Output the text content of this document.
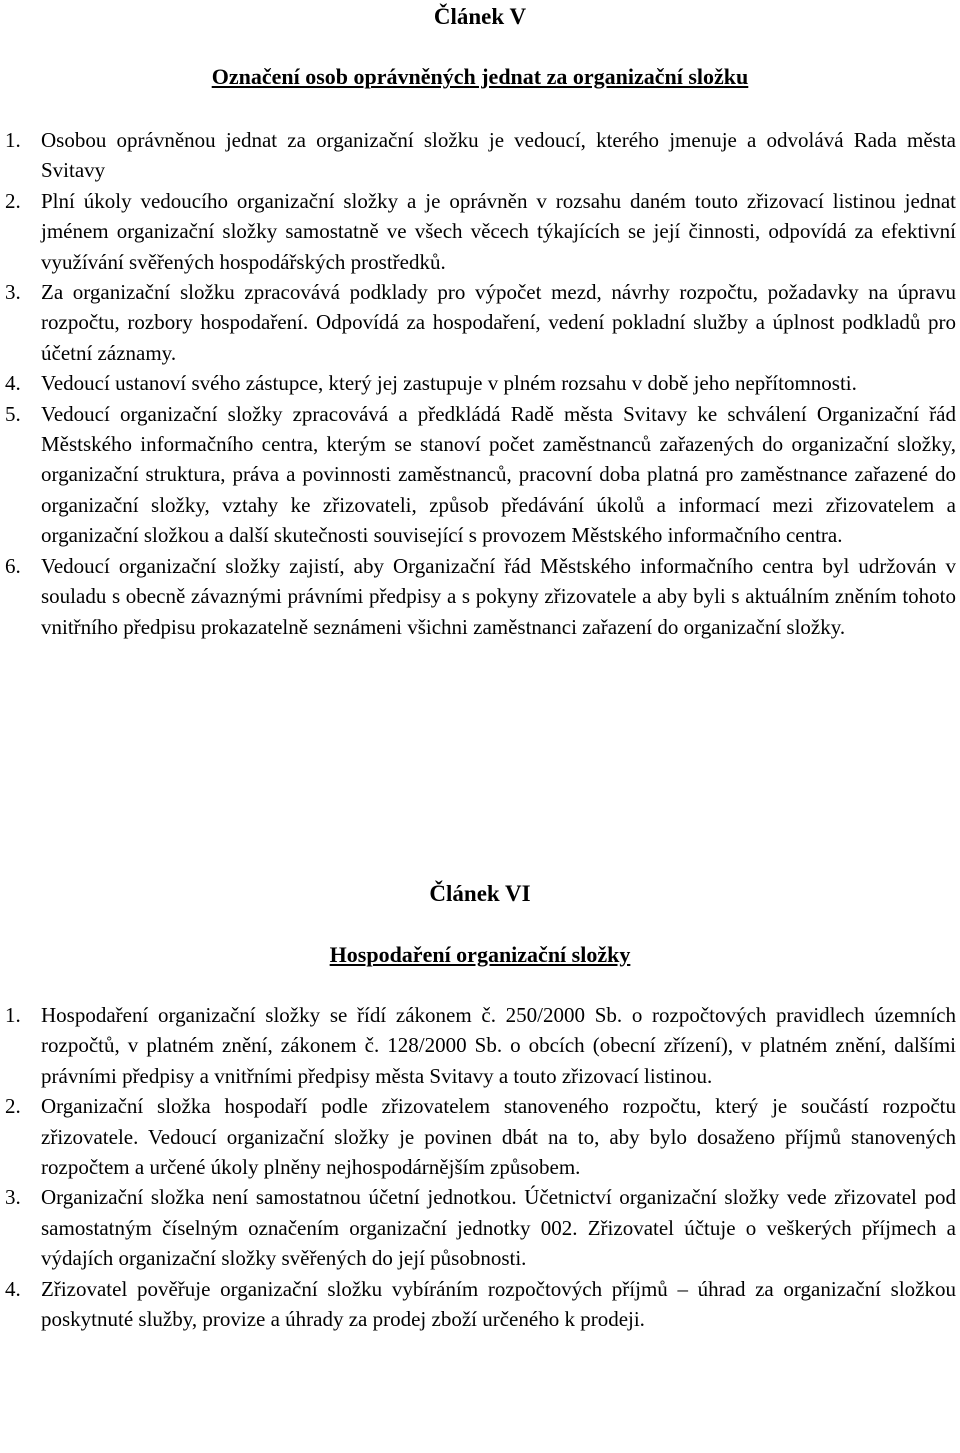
Článek V
Označení osob oprávněných jednat za organizační složku
1. Osobou oprávněnou jednat za organizační složku je vedoucí, kterého jmenuje a odvolává Rada města Svitavy
2. Plní úkoly vedoucího organizační složky a je oprávněn v rozsahu daném touto zřizovací listinou jednat jménem organizační složky samostatně ve všech věcech týkajících se její činnosti, odpovídá za efektivní využívání svěřených hospodářských prostředků.
3. Za organizační složku zpracovává podklady pro výpočet mezd, návrhy rozpočtu, požadavky na úpravu rozpočtu, rozbory hospodaření. Odpovídá za hospodaření, vedení pokladní služby a úplnost podkladů pro účetní záznamy.
4. Vedoucí ustanoví svého zástupce, který jej zastupuje v plném rozsahu v době jeho nepřítomnosti.
5. Vedoucí organizační složky zpracovává a předkládá Radě města Svitavy ke schválení Organizační řád Městského informačního centra, kterým se stanoví počet zaměstnanců zařazených do organizační složky, organizační struktura, práva a povinnosti zaměstnanců, pracovní doba platná pro zaměstnance zařazené do organizační složky, vztahy ke zřizovateli, způsob předávání úkolů a informací mezi zřizovatelem a organizační složkou a další skutečnosti související s provozem Městského informačního centra.
6. Vedoucí organizační složky zajistí, aby Organizační řád Městského informačního centra byl udržován v souladu s obecně závaznými právními předpisy a s pokyny zřizovatele a aby byli s aktuálním zněním tohoto vnitřního předpisu prokazatelně seznámeni všichni zaměstnanci zařazení do organizační složky.
Článek VI
Hospodaření organizační složky
1. Hospodaření organizační složky se řídí zákonem č. 250/2000 Sb. o rozpočtových pravidlech územních rozpočtů, v platném znění, zákonem č. 128/2000 Sb. o obcích (obecní zřízení), v platném znění, dalšími právními předpisy a vnitřními předpisy města Svitavy a touto zřizovací listinou.
2. Organizační složka hospodaří podle zřizovatelem stanoveného rozpočtu, který je součástí rozpočtu zřizovatele. Vedoucí organizační složky je povinen dbát na to, aby bylo dosaženo příjmů stanovených rozpočtem a určené úkoly plněny nejhospodárnějším způsobem.
3. Organizační složka není samostatnou účetní jednotkou. Účetnictví organizační složky vede zřizovatel pod samostatným číselným označením organizační jednotky 002. Zřizovatel účtuje o veškerých příjmech a výdajích organizační složky svěřených do její působnosti.
4. Zřizovatel pověřuje organizační složku vybíráním rozpočtových příjmů – úhrad za organizační složkou poskytnuté služby, provize a úhrady za prodej zboží určeného k prodeji.
